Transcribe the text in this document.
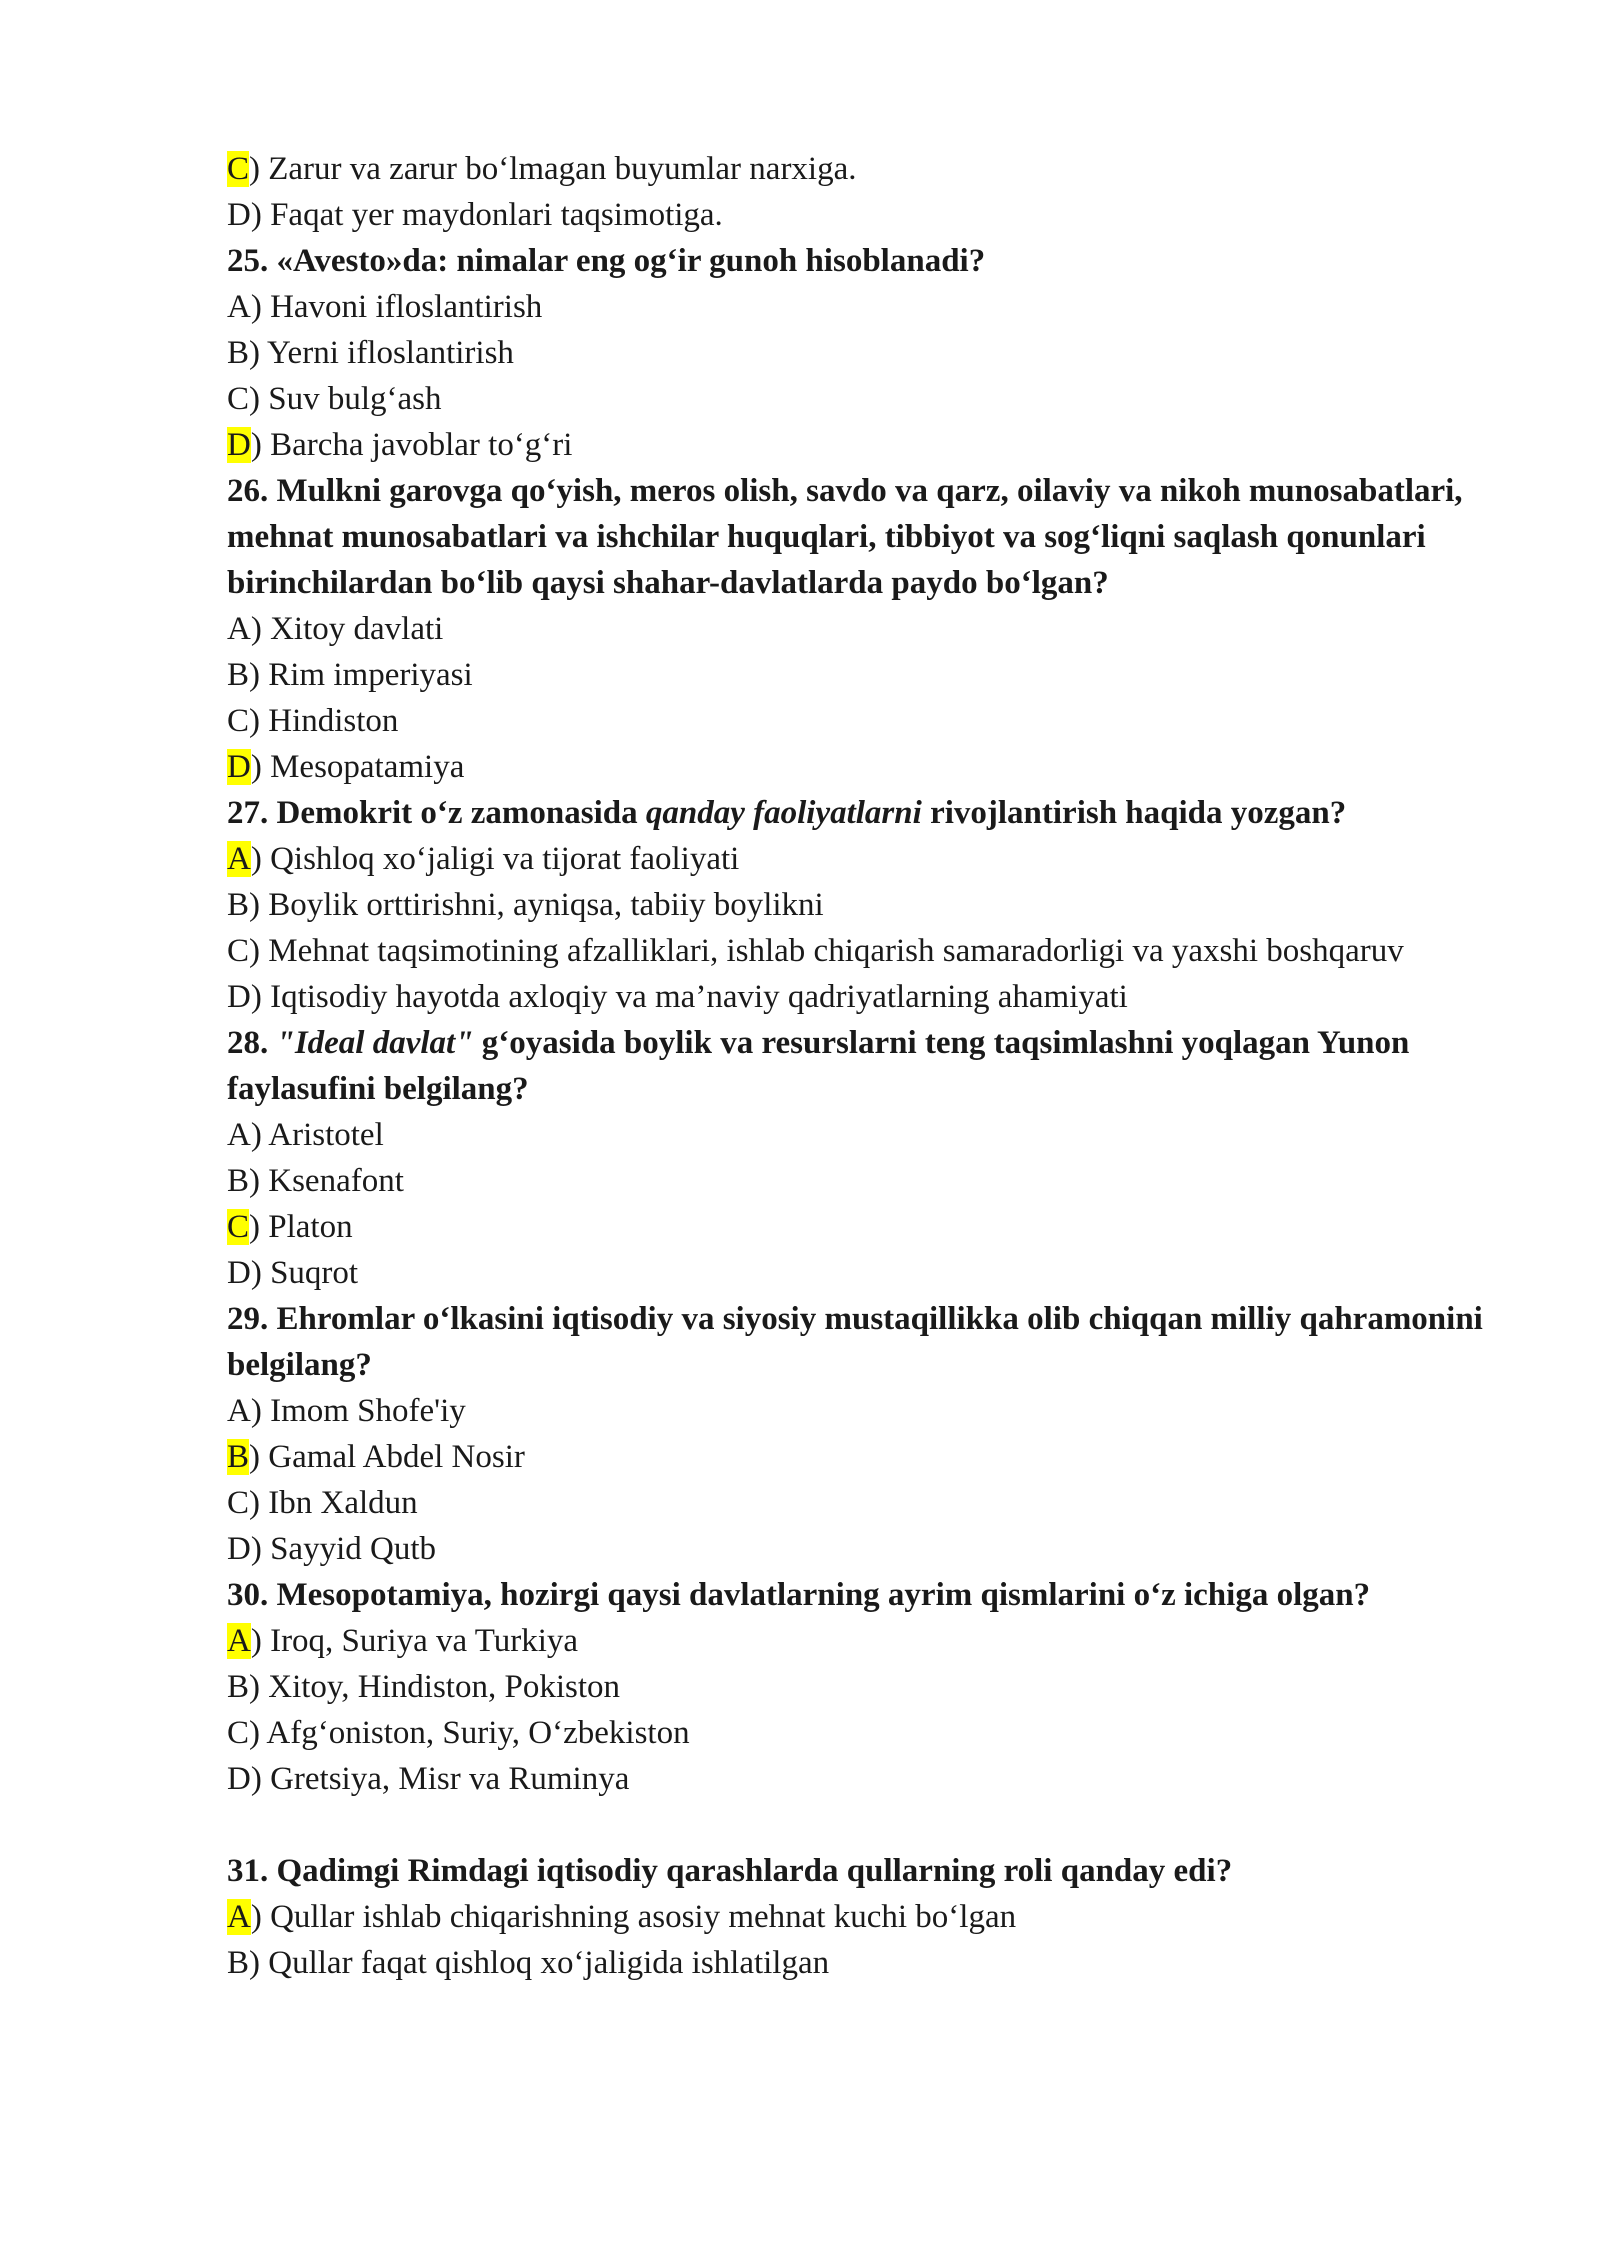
C) Zarur va zarur bo‘lmagan buyumlar narxiga.
D) Faqat yer maydonlari taqsimotiga.
25. «Avesto»da: nimalar eng og‘ir gunoh hisoblanadi?
A) Havoni ifloslantirish
B) Yerni ifloslantirish
C) Suv bulg‘ash
D) Barcha javoblar to‘g‘ri
26. Mulkni garovga qo‘yish, meros olish, savdo va qarz, oilaviy va nikoh munosabatlari, mehnat munosabatlari va ishchilar huquqlari, tibbiyot va sog‘liqni saqlash qonunlari birinchilardan bo‘lib qaysi shahar-davlatlarda paydo bo‘lgan?
A) Xitoy davlati
B) Rim imperiyasi
C) Hindiston
D) Mesopatamiya
27. Demokrit o‘z zamonasida qanday faoliyatlarni rivojlantirish haqida yozgan?
A) Qishloq xo‘jaligi va tijorat faoliyati
B) Boylik orttirishni, ayniqsa, tabiiy boylikni
C) Mehnat taqsimotining afzalliklari, ishlab chiqarish samaradorligi va yaxshi boshqaruv
D) Iqtisodiy hayotda axloqiy va ma’naviy qadriyatlarning ahamiyati
28. "Ideal davlat" g‘oyasida boylik va resurslarni teng taqsimlashni yoqlagan Yunon faylasufini belgilang?
A) Aristotel
B) Ksenafont
C) Platon
D) Suqrot
29. Ehromlar o‘lkasini iqtisodiy va siyosiy mustaqillikka olib chiqqan milliy qahramonini belgilang?
A) Imom Shofe'iy
B) Gamal Abdel Nosir
C) Ibn Xaldun
D) Sayyid Qutb
30. Mesopotamiya, hozirgi qaysi davlatlarning ayrim qismlarini o‘z ichiga olgan?
A) Iroq, Suriya va Turkiya
B) Xitoy, Hindiston, Pokiston
C) Afg‘oniston, Suriy, O‘zbekiston
D) Gretsiya, Misr va Ruminya
31. Qadimgi Rimdagi iqtisodiy qarashlarda qullarning roli qanday edi?
A) Qullar ishlab chiqarishning asosiy mehnat kuchi bo‘lgan
B) Qullar faqat qishloq xo‘jaligida ishlatilgan
